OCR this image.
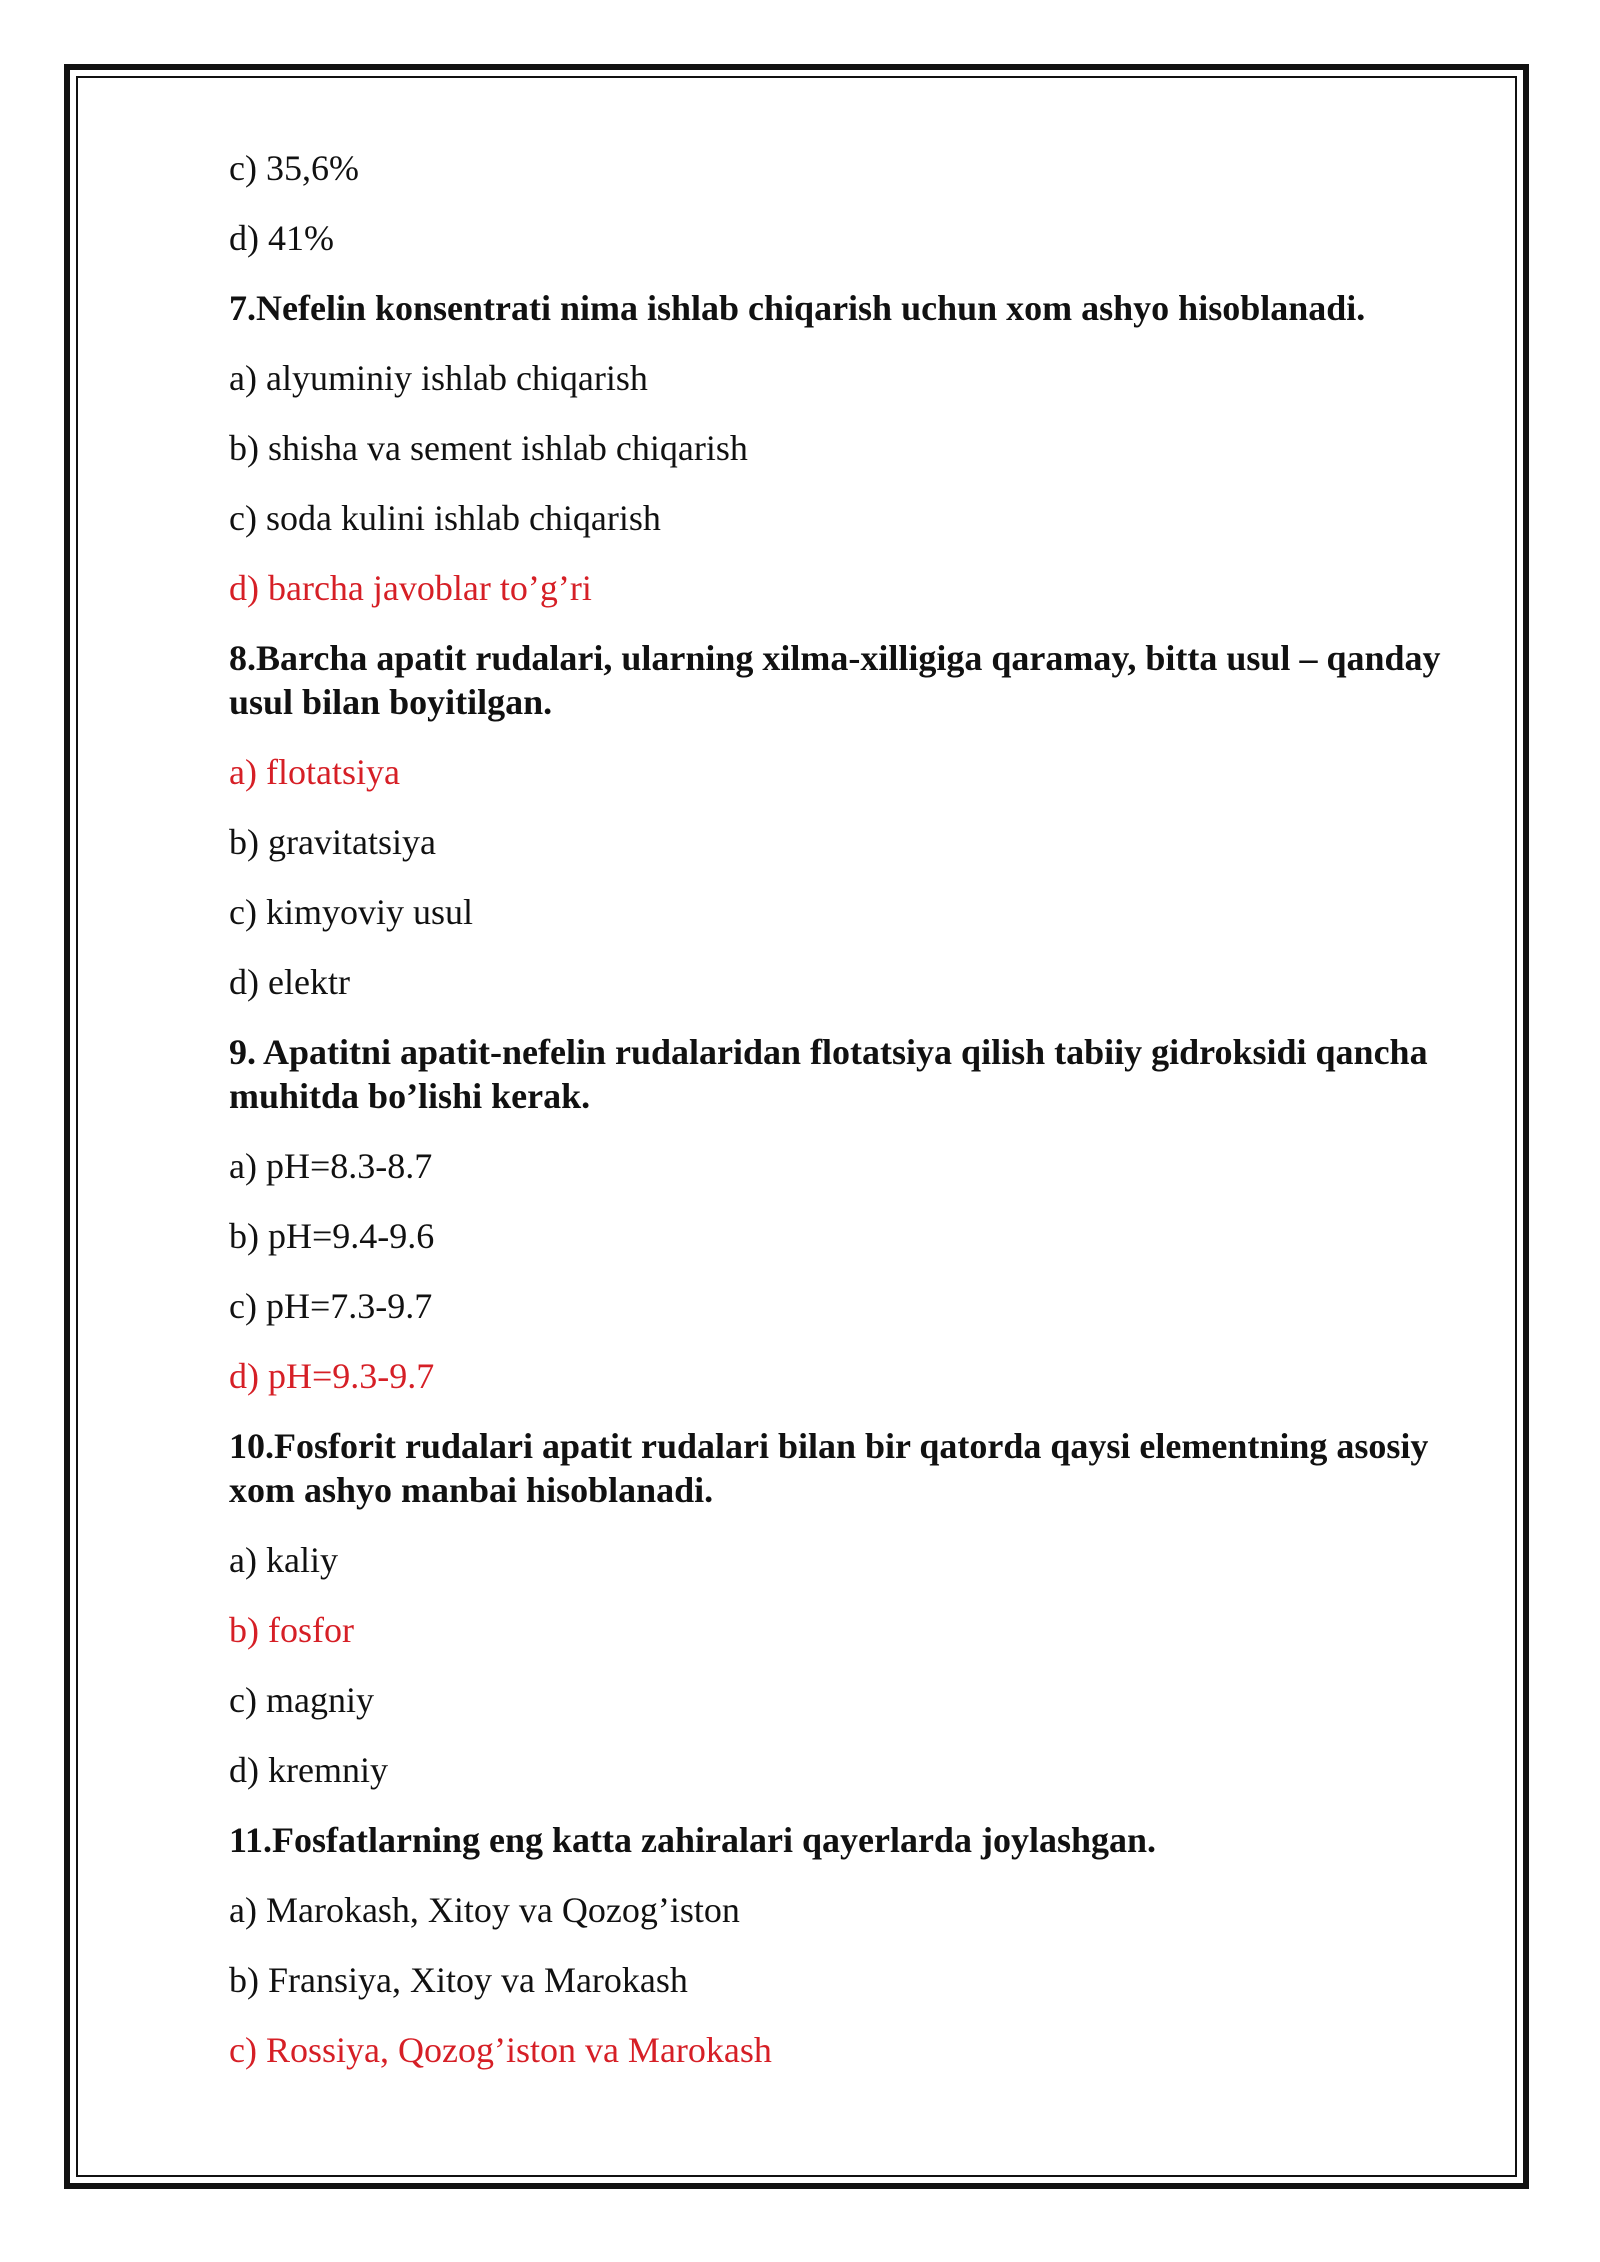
c) 35,6%
d) 41%

7.Nefelin konsentrati nima ishlab chiqarish uchun xom ashyo hisoblanadi.

a) alyuminiy ishlab chiqarish
b) shisha va sement ishlab chiqarish
c) soda kulini ishlab chiqarish
d) barcha javoblar to’g’ri

8.Barcha apatit rudalari, ularning xilma-xilligiga qaramay, bitta usul – qanday usul bilan boyitilgan.

a) flotatsiya
b) gravitatsiya
c) kimyoviy usul
d) elektr

9. Apatitni apatit-nefelin rudalaridan flotatsiya qilish tabiiy gidroksidi qancha muhitda bo’lishi kerak.

a) pH=8.3-8.7
b) pH=9.4-9.6
c) pH=7.3-9.7
d) pH=9.3-9.7

10.Fosforit rudalari apatit rudalari bilan bir qatorda qaysi elementning asosiy xom ashyo manbai hisoblanadi.

a) kaliy
b) fosfor
c) magniy
d) kremniy

11.Fosfatlarning eng katta zahiralari qayerlarda joylashgan.

a) Marokash, Xitoy va Qozog’iston
b) Fransiya, Xitoy va Marokash
c) Rossiya, Qozog’iston va Marokash
